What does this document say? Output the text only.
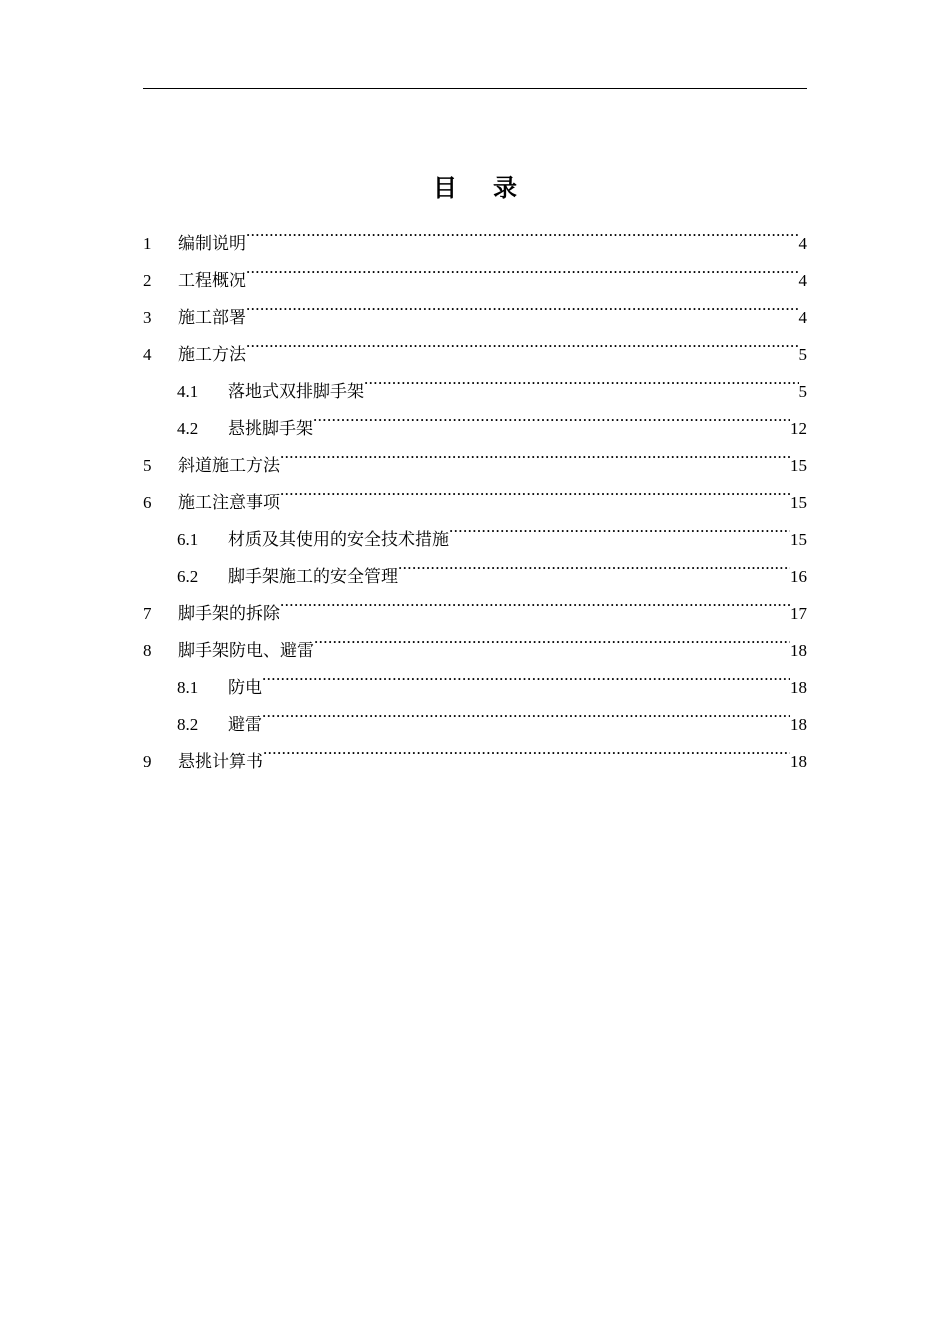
目录
1	编制说明 .....	4
2	工程概况 .....	4
3	施工部署 .....	4
4	施工方法 .....	5
4.1	落地式双排脚手架 .....	5
4.2	悬挑脚手架 .....	12
5	斜道施工方法 .....	15
6	施工注意事项 .....	15
6.1	材质及其使用的安全技术措施 .....	15
6.2	脚手架施工的安全管理 .....	16
7	脚手架的拆除 .....	17
8	脚手架防电、避雷 .....	18
8.1	防电 .....	18
8.2	避雷 .....	18
9	悬挑计算书 .....	18
